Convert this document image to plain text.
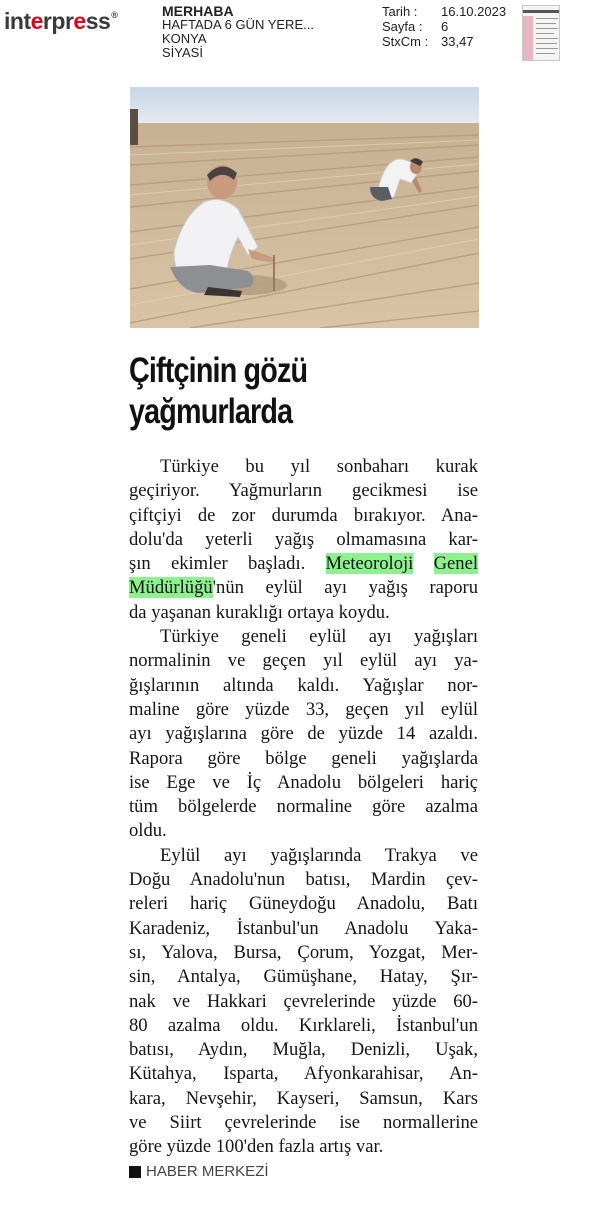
interpress®	MERHABA
HAFTADA 6 GÜN YERE...
KONYA
SİYASİ
Tarih :	16.10.2023
Sayfa :	6
StxCm : 33,47
Çiftçinin gözü
yağmurlarda
Türkiye bu yıl sonbaharı kurak
geçiriyor. Yağmurların gecikmesi ise
çiftçiyi de zor durumda bırakıyor. Ana-
dolu'da yeterli yağış olmamasına kar-
şın ekimler başladı. Meteoroloji Genel
Müdürlüğü'nün eylül ayı yağış raporu
da yaşanan kuraklığı ortaya koydu.
Türkiye geneli eylül ayı yağışları
normalinin ve geçen yıl eylül ayı ya-
ğışlarının altında kaldı. Yağışlar nor-
maline göre yüzde 33, geçen yıl eylül
ayı yağışlarına göre de yüzde 14 azaldı.
Rapora göre bölge geneli yağışlarda
ise Ege ve İç Anadolu bölgeleri hariç
tüm bölgelerde normaline göre azalma
oldu.
Eylül ayı yağışlarında Trakya ve
Doğu Anadolu'nun batısı, Mardin çev-
releri hariç Güneydoğu Anadolu, Batı
Karadeniz, İstanbul'un Anadolu Yaka-
sı, Yalova, Bursa, Çorum, Yozgat, Mer-
sin, Antalya, Gümüşhane, Hatay, Şır-
nak ve Hakkari çevrelerinde yüzde 60-
80 azalma oldu. Kırklareli, İstanbul'un
batısı, Aydın, Muğla, Denizli, Uşak,
Kütahya, Isparta, Afyonkarahisar, An-
kara, Nevşehir, Kayseri, Samsun, Kars
ve Siirt çevrelerinde ise normallerine
göre yüzde 100'den fazla artış var.
HABER MERKEZİ
